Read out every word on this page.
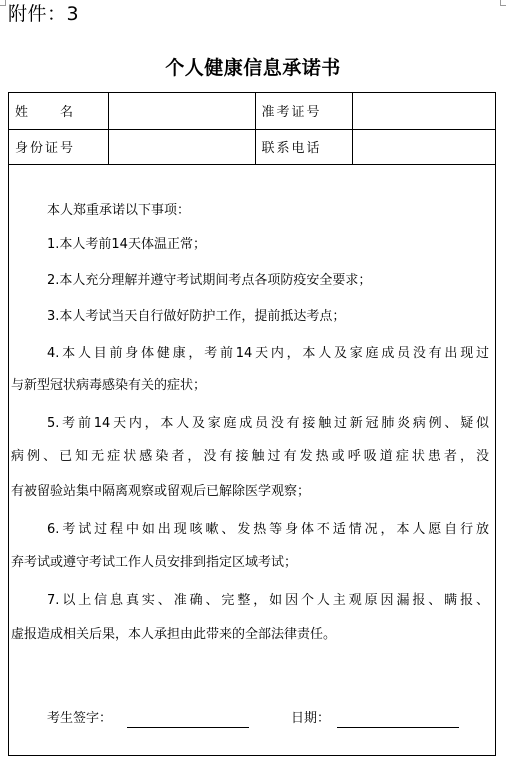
附件：3
个人健康信息承诺书
姓 名		准考证号	
身份证号		联系电话	
本人郑重承诺以下事项：
1.本人考前14天体温正常；
2.本人充分理解并遵守考试期间考点各项防疫安全要求；
3.本人考试当天自行做好防护工作，提前抵达考点；
4.本人目前身体健康，考前14天内，本人及家庭成员没有出现过
与新型冠状病毒感染有关的症状；
5.考前14天内，本人及家庭成员没有接触过新冠肺炎病例、疑似
病例、已知无症状感染者，没有接触过有发热或呼吸道症状患者，没
有被留验站集中隔离观察或留观后已解除医学观察；
6.考试过程中如出现咳嗽、发热等身体不适情况，本人愿自行放
弃考试或遵守考试工作人员安排到指定区域考试；
7.以上信息真实、准确、完整，如因个人主观原因漏报、瞒报、
虚报造成相关后果，本人承担由此带来的全部法律责任。
考生签字：	日期：
